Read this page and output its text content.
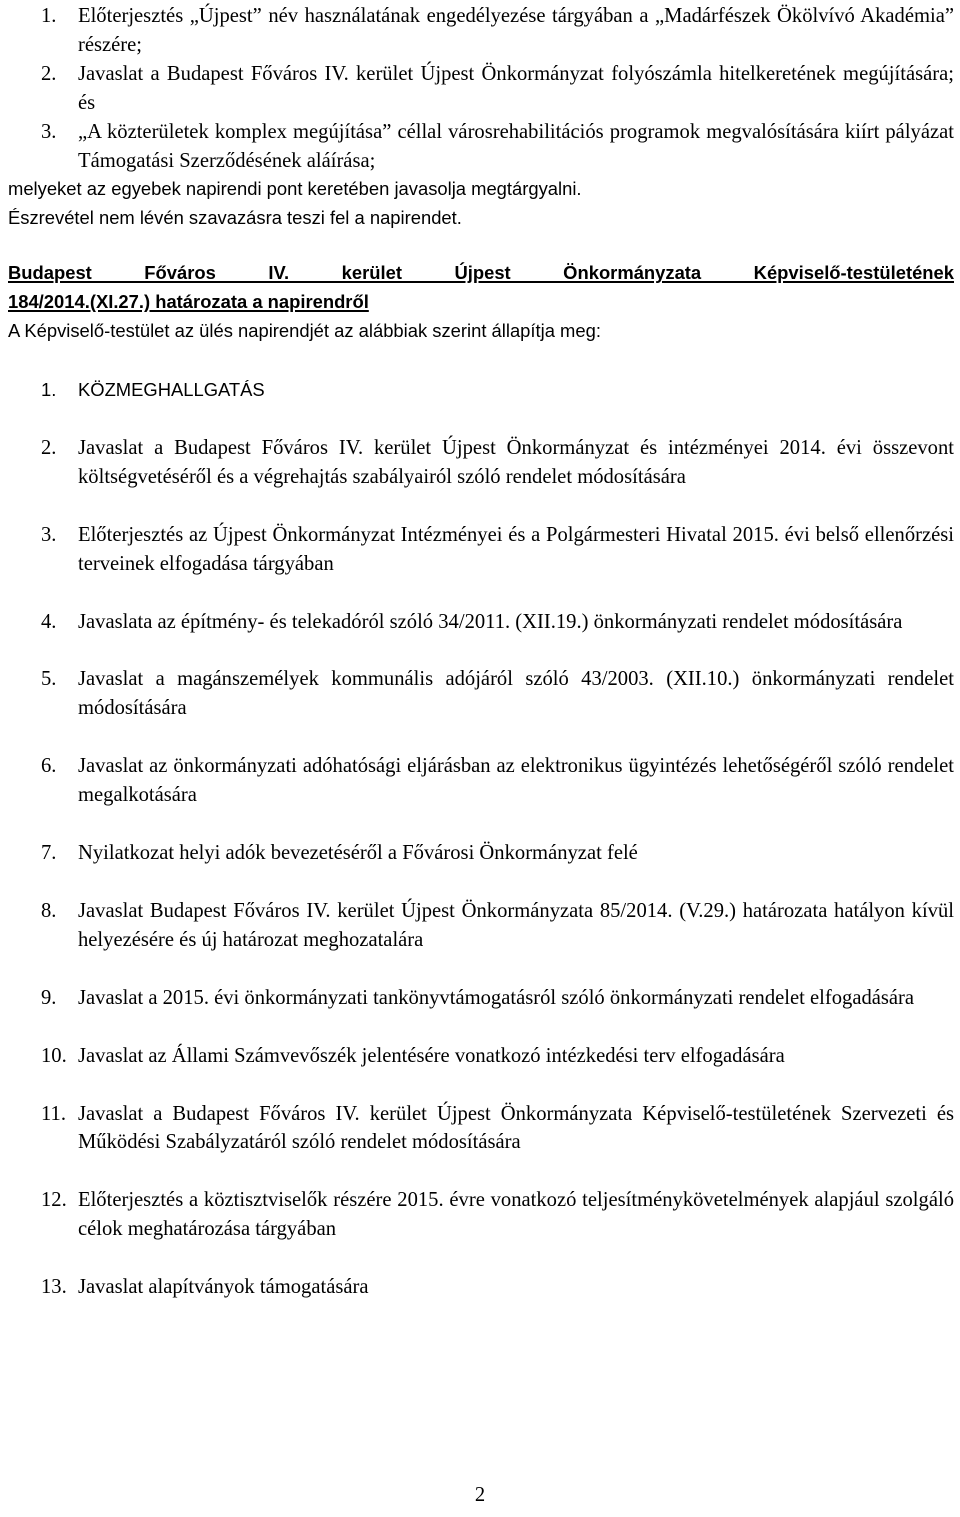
1. Előterjesztés „Újpest” név használatának engedélyezése tárgyában a „Madárfészek Ökölvívó Akadémia” részére;
2. Javaslat a Budapest Főváros IV. kerület Újpest Önkormányzat folyószámla hitelkeretének megújítására; és
3. „A közterületek komplex megújítása” céllal városrehabilitációs programok megvalósítására kiírt pályázat Támogatási Szerződésének aláírása;
melyeket az egyebek napirendi pont keretében javasolja megtárgyalni.
Észrevétel nem lévén szavazásra teszi fel a napirendet.
Budapest Főváros IV. kerület Újpest Önkormányzata Képviselő-testületének
184/2014.(XI.27.) határozata a napirendről
A Képviselő-testület az ülés napirendjét az alábbiak szerint állapítja meg:
1. KÖZMEGHALLGATÁS
2. Javaslat a Budapest Főváros IV. kerület Újpest Önkormányzat és intézményei 2014. évi összevont költségvetéséről és a végrehajtás szabályairól szóló rendelet módosítására
3. Előterjesztés az Újpest Önkormányzat Intézményei és a Polgármesteri Hivatal 2015. évi belső ellenőrzési terveinek elfogadása tárgyában
4. Javaslata az építmény- és telekadóról szóló 34/2011. (XII.19.) önkormányzati rendelet módosítására
5. Javaslat a magánszemélyek kommunális adójáról szóló 43/2003. (XII.10.) önkormányzati rendelet módosítására
6. Javaslat az önkormányzati adóhatósági eljárásban az elektronikus ügyintézés lehetőségéről szóló rendelet megalkotására
7. Nyilatkozat helyi adók bevezetéséről a Fővárosi Önkormányzat felé
8. Javaslat Budapest Főváros IV. kerület Újpest Önkormányzata 85/2014. (V.29.) határozata hatályon kívül helyezésére és új határozat meghozatalára
9. Javaslat a 2015. évi önkormányzati tankönyvtámogatásról szóló önkormányzati rendelet elfogadására
10. Javaslat az Állami Számvevőszék jelentésére vonatkozó intézkedési terv elfogadására
11. Javaslat a Budapest Főváros IV. kerület Újpest Önkormányzata Képviselő-testületének Szervezeti és Működési Szabályzatáról szóló rendelet módosítására
12. Előterjesztés a köztisztviselők részére 2015. évre vonatkozó teljesítménykövetelmények alapjául szolgáló célok meghatározása tárgyában
13. Javaslat alapítványok támogatására
2
